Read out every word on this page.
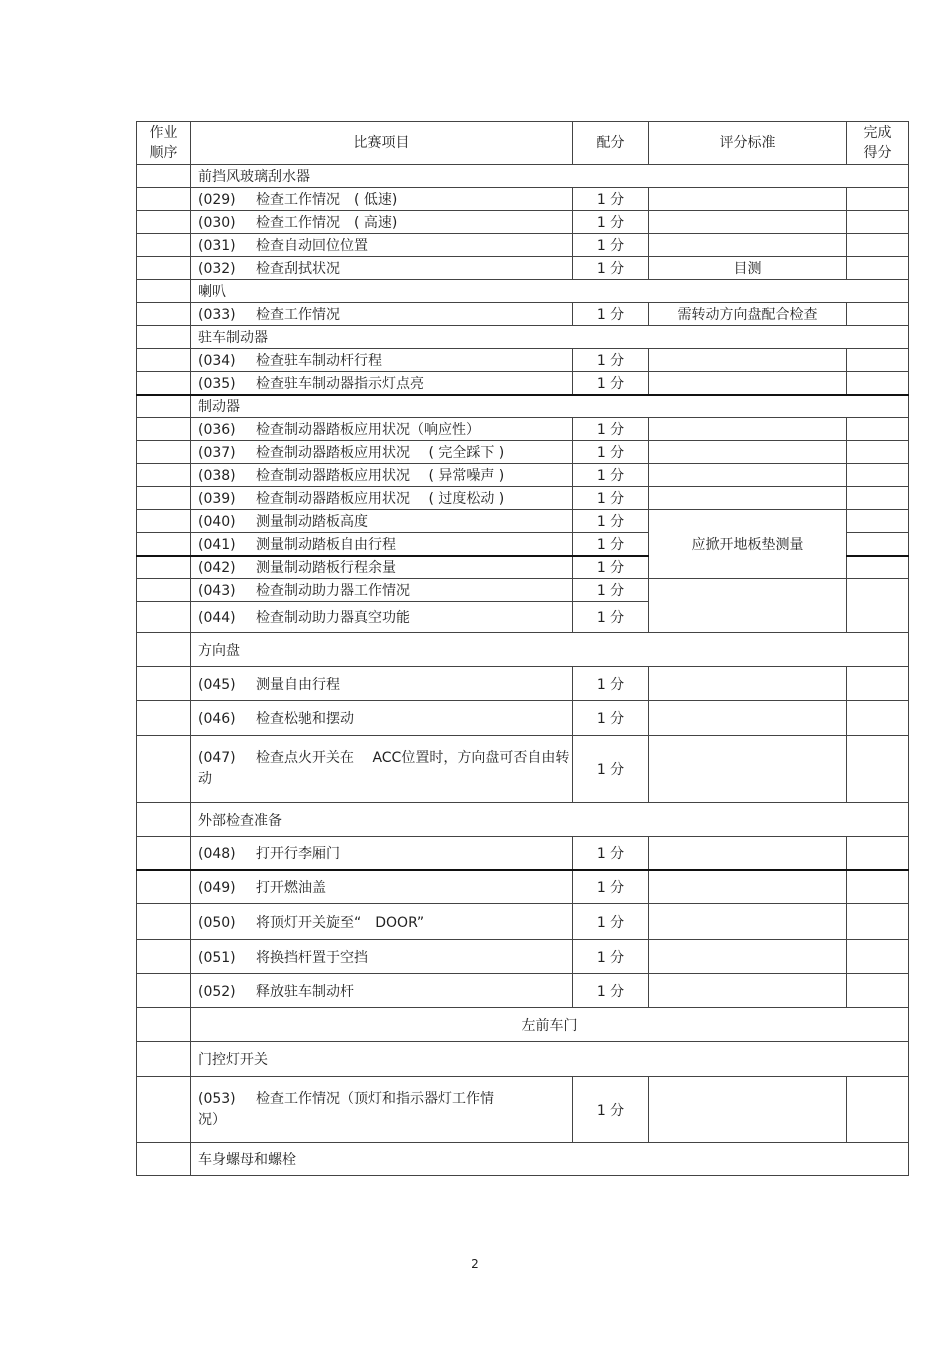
作业顺序	比赛项目	配分	评分标准	完成得分
	前挡风玻璃刮水器			
	(029) 检查工作情况　( 低速)	1 分		
	(030) 检查工作情况　( 高速)	1 分		
	(031) 检查自动回位位置	1 分		
	(032) 检查刮拭状况	1 分	目测	
	喇叭			
	(033) 检查工作情况	1 分	需转动方向盘配合检查	
	驻车制动器			
	(034) 检查驻车制动杆行程	1 分		
	(035) 检查驻车制动器指示灯点亮	1 分		
	制动器			
	(036) 检查制动器踏板应用状况（响应性）	1 分		
	(037) 检查制动器踏板应用状况　 ( 完全踩下 )	1 分		
	(038) 检查制动器踏板应用状况　 ( 异常噪声 )	1 分		
	(039) 检查制动器踏板应用状况　 ( 过度松动 )	1 分		
	(040) 测量制动踏板高度	1 分	应掀开地板垫测量	
	(041) 测量制动踏板自由行程	1 分		
	(042) 测量制动踏板行程余量	1 分		
	(043) 检查制动助力器工作情况	1 分		
	(044) 检查制动助力器真空功能	1 分		
	方向盘			
	(045) 测量自由行程	1 分		
	(046) 检查松驰和摆动	1 分		
	(047) 检查点火开关在　 ACC位置时，方向盘可否自由转动	1 分		
	外部检查准备			
	(048) 打开行李厢门	1 分		
	(049) 打开燃油盖	1 分		
	(050) 将顶灯开关旋至“　DOOR”	1 分		
	(051) 将换挡杆置于空挡	1 分		
	(052) 释放驻车制动杆	1 分		
	左前车门			
	门控灯开关			
	(053) 检查工作情况（顶灯和指示器灯工作情况）	1 分		
	车身螺母和螺栓			
2
